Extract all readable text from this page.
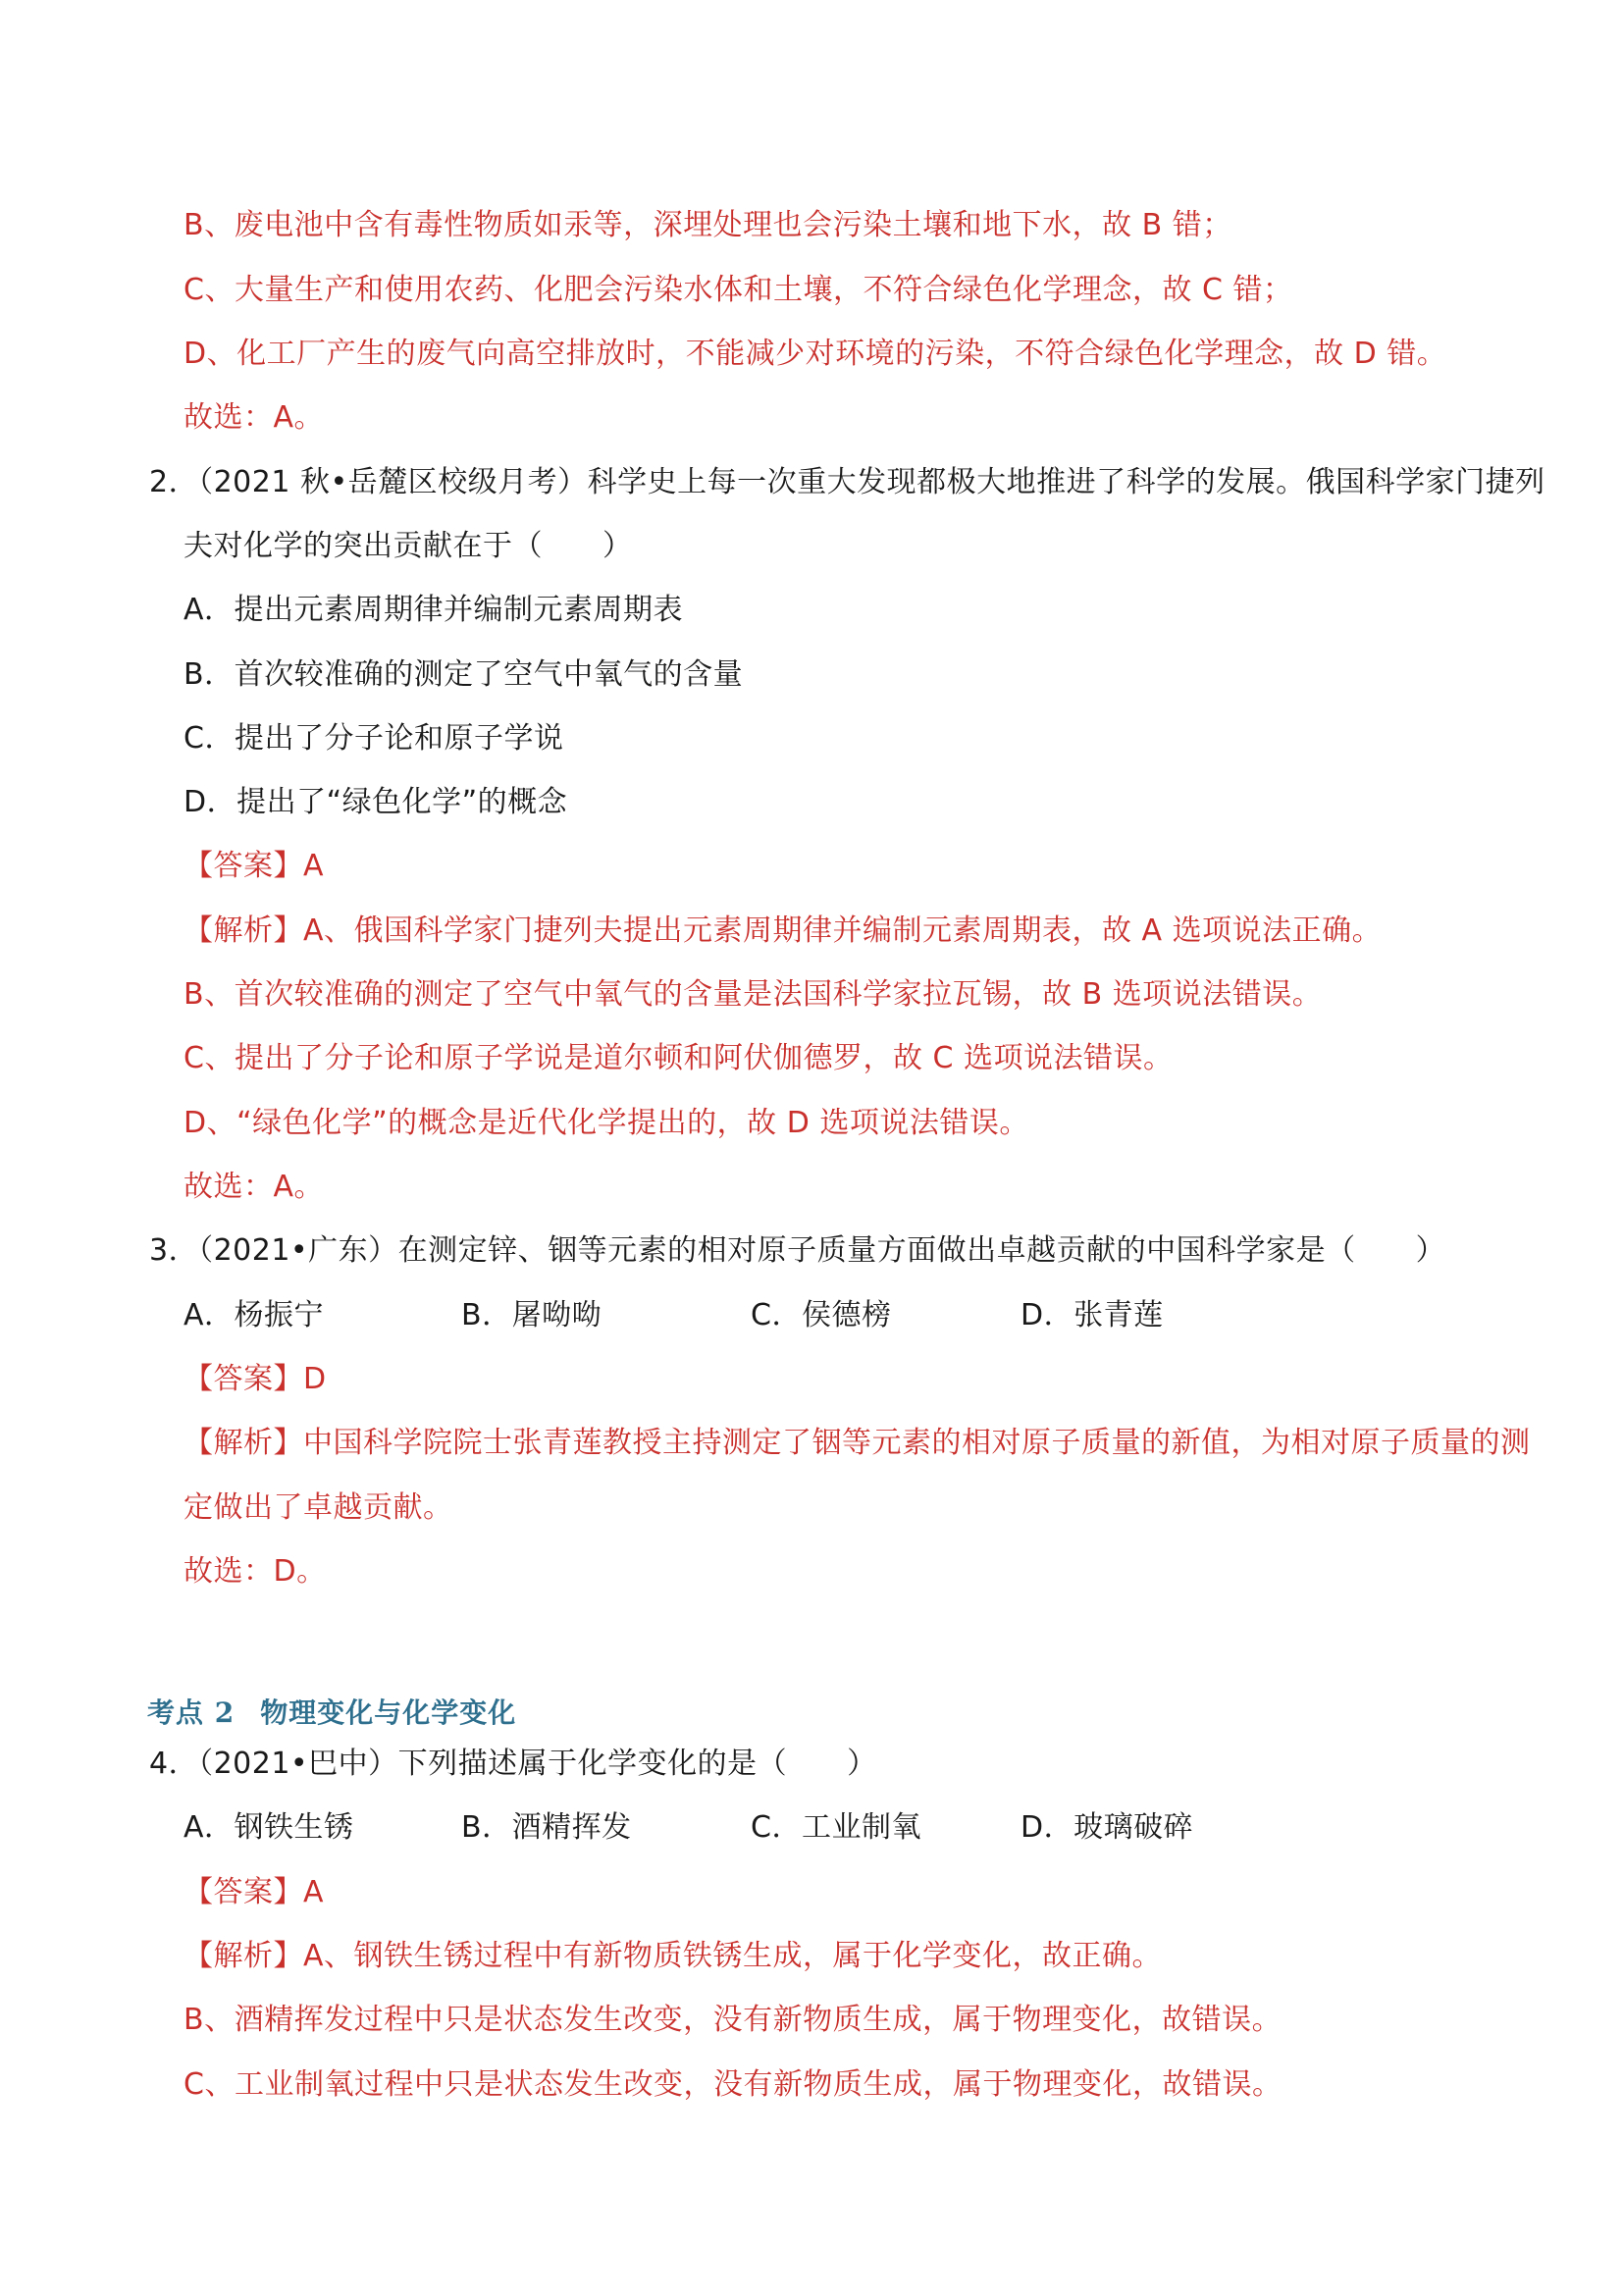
B、废电池中含有毒性物质如汞等，深埋处理也会污染土壤和地下水，故 B 错；
C、大量生产和使用农药、化肥会污染水体和土壤，不符合绿色化学理念，故 C 错；
D、化工厂产生的废气向高空排放时，不能减少对环境的污染，不符合绿色化学理念，故 D 错。
故选：A。
2．（2021 秋•岳麓区校级月考）科学史上每一次重大发现都极大地推进了科学的发展。俄国科学家门捷列
夫对化学的突出贡献在于（　　）
A．提出元素周期律并编制元素周期表
B．首次较准确的测定了空气中氧气的含量
C．提出了分子论和原子学说
D．提出了“绿色化学”的概念
【答案】A
【解析】A、俄国科学家门捷列夫提出元素周期律并编制元素周期表，故 A 选项说法正确。
B、首次较准确的测定了空气中氧气的含量是法国科学家拉瓦锡，故 B 选项说法错误。
C、提出了分子论和原子学说是道尔顿和阿伏伽德罗，故 C 选项说法错误。
D、“绿色化学”的概念是近代化学提出的，故 D 选项说法错误。
故选：A。
3．（2021•广东）在测定锌、铟等元素的相对原子质量方面做出卓越贡献的中国科学家是（　　）
A．杨振宁	B．屠呦呦	C．侯德榜	D．张青莲
【答案】D
【解析】中国科学院院士张青莲教授主持测定了铟等元素的相对原子质量的新值，为相对原子质量的测
定做出了卓越贡献。
故选：D。
考点 2 物理变化与化学变化
4．（2021•巴中）下列描述属于化学变化的是（　　）
A．钢铁生锈	B．酒精挥发	C．工业制氧	D．玻璃破碎
【答案】A
【解析】A、钢铁生锈过程中有新物质铁锈生成，属于化学变化，故正确。
B、酒精挥发过程中只是状态发生改变，没有新物质生成，属于物理变化，故错误。
C、工业制氧过程中只是状态发生改变，没有新物质生成，属于物理变化，故错误。
